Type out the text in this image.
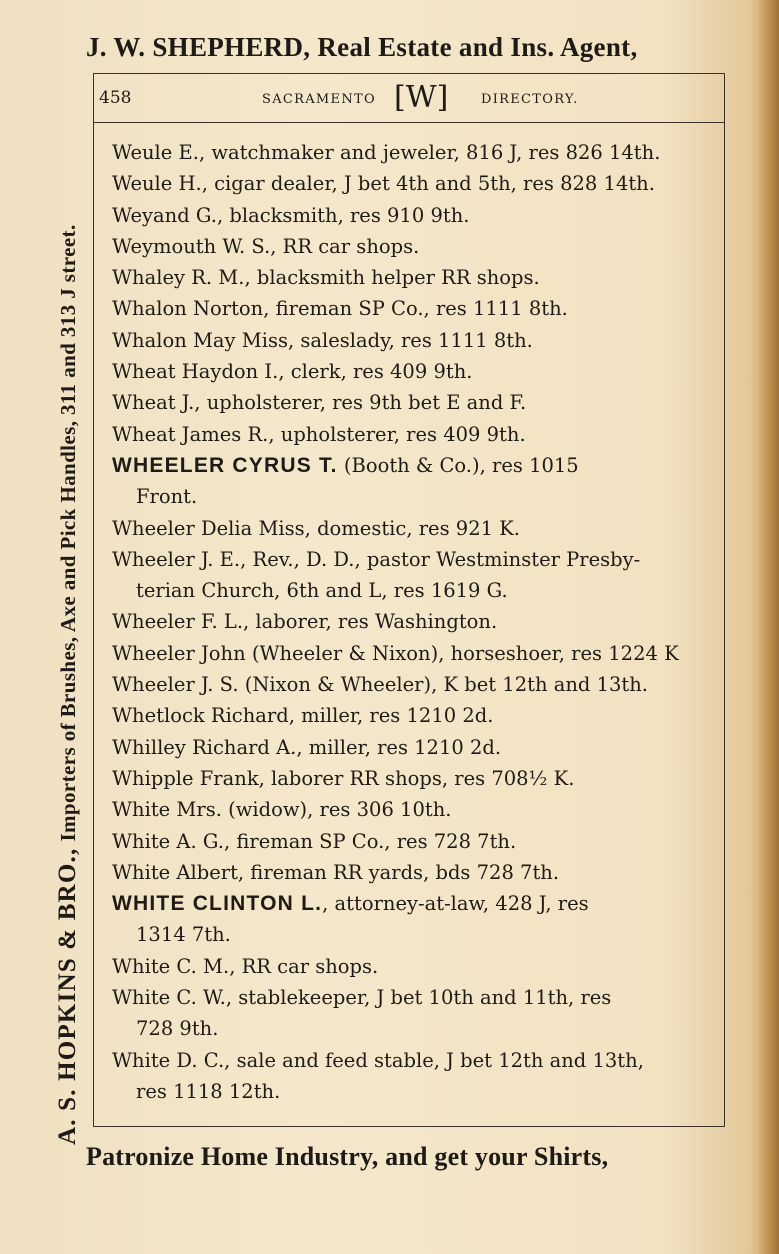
J. W. SHEPHERD, Real Estate and Ins. Agent,
A. S. HOPKINS & BRO.,
Importers of Brushes, Axe and Pick Handles, 311 and 313 J street.
458	SACRAMENTO [W]	DIRECTORY.
Weule E., watchmaker and jeweler, 816 J, res 826 14th.
Weule H., cigar dealer, J bet 4th and 5th, res 828 14th.
Weyand G., blacksmith, res 910 9th.
Weymouth W. S., RR car shops.
Whaley R. M., blacksmith helper RR shops.
Whalon Norton, fireman SP Co., res 1111 8th.
Whalon May Miss, saleslady, res 1111 8th.
Wheat Haydon I., clerk, res 409 9th.
Wheat J., upholsterer, res 9th bet E and F.
Wheat James R., upholsterer, res 409 9th.
WHEELER CYRUS T. (Booth & Co.), res 1015
Front.
Wheeler Delia Miss, domestic, res 921 K.
Wheeler J. E., Rev., D. D., pastor Westminster Presby-
terian Church, 6th and L, res 1619 G.
Wheeler F. L., laborer, res Washington.
Wheeler John (Wheeler & Nixon), horseshoer, res 1224 K
Wheeler J. S. (Nixon & Wheeler), K bet 12th and 13th.
Whetlock Richard, miller, res 1210 2d.
Whilley Richard A., miller, res 1210 2d.
Whipple Frank, laborer RR shops, res 708½ K.
White Mrs. (widow), res 306 10th.
White A. G., fireman SP Co., res 728 7th.
White Albert, fireman RR yards, bds 728 7th.
WHITE CLINTON L., attorney-at-law, 428 J, res
1314 7th.
White C. M., RR car shops.
White C. W., stablekeeper, J bet 10th and 11th, res
728 9th.
White D. C., sale and feed stable, J bet 12th and 13th,
res 1118 12th.
Patronize Home Industry, and get your Shirts,
